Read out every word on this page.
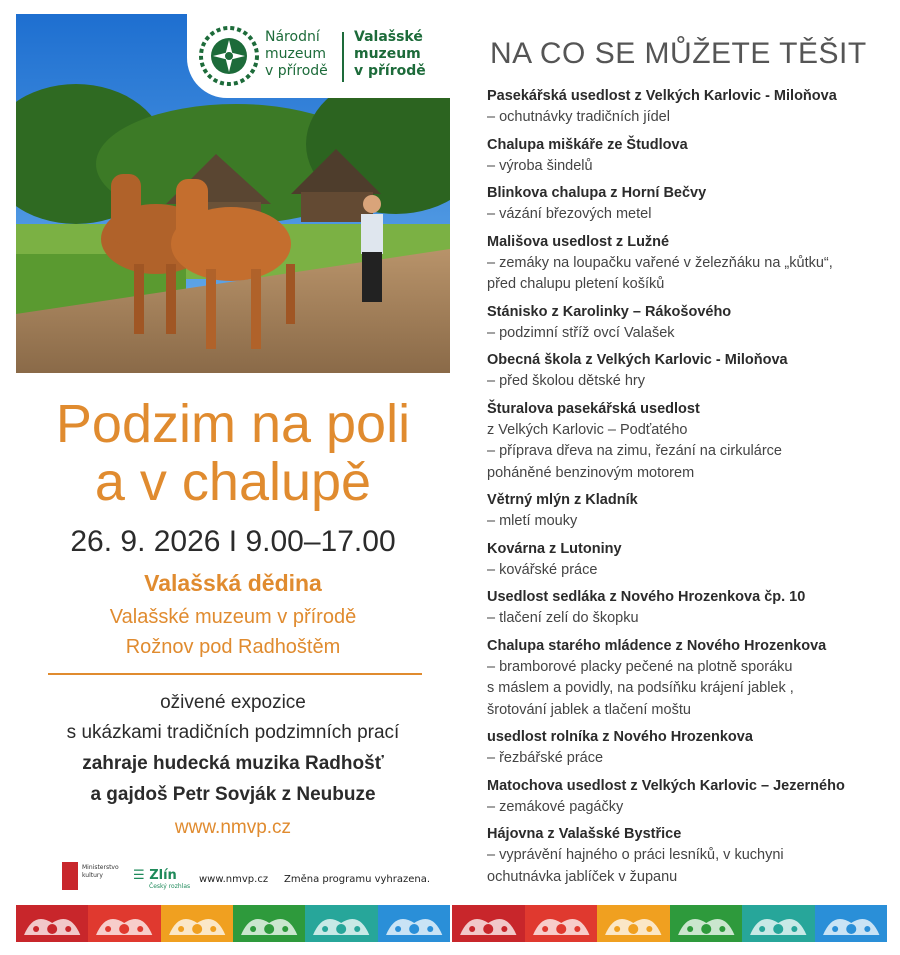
Národní
muzeum
v přírodě
Valašské
muzeum
v přírodě
Podzim na poli
a v chalupě
26. 9. 2026 I 9.00–17.00
Valašská dědina
Valašské muzeum v přírodě
Rožnov pod Radhoštěm
oživené expozice
s ukázkami tradičních podzimních prací
zahraje hudecká muzika Radhošť
a gajdoš Petr Sovják z Neubuze
www.nmvp.cz
Ministerstvo kultury	☰ Zlín
Český rozhlas
www.nmvp.cz Změna programu vyhrazena.
NA CO SE MŮŽETE TĚŠIT
Pasekářská usedlost z Velkých Karlovic - Miloňova
– ochutnávky tradičních jídel
Chalupa miškáře ze Študlova
– výroba šindelů
Blinkova chalupa z Horní Bečvy
– vázání březových metel
Mališova usedlost z Lužné
– zemáky na loupačku vařené v železňáku na „kůtku“,
před chalupu pletení košíků
Stánisko z Karolinky – Rákošového
– podzimní stříž ovcí Valašek
Obecná škola z Velkých Karlovic - Miloňova
– před školou dětské hry
Šturalova pasekářská usedlost
z Velkých Karlovic – Podťatého
– příprava dřeva na zimu, řezání na cirkulárce
poháněné benzinovým motorem
Větrný mlýn z Kladník
– mletí mouky
Kovárna z Lutoniny
– kovářské práce
Usedlost sedláka z Nového Hrozenkova čp. 10
– tlačení zelí do škopku
Chalupa starého mládence z Nového Hrozenkova
– bramborové placky pečené na plotně sporáku
s máslem a povidly, na podsíňku krájení jablek ,
šrotování jablek a tlačení moštu
usedlost rolníka z Nového Hrozenkova
– řezbářské práce
Matochova usedlost z Velkých Karlovic – Jezerného
– zemákové pagáčky
Hájovna z Valašské Bystřice
– vyprávění hajného o práci lesníků, v kuchyni
ochutnávka jablíček v županu
